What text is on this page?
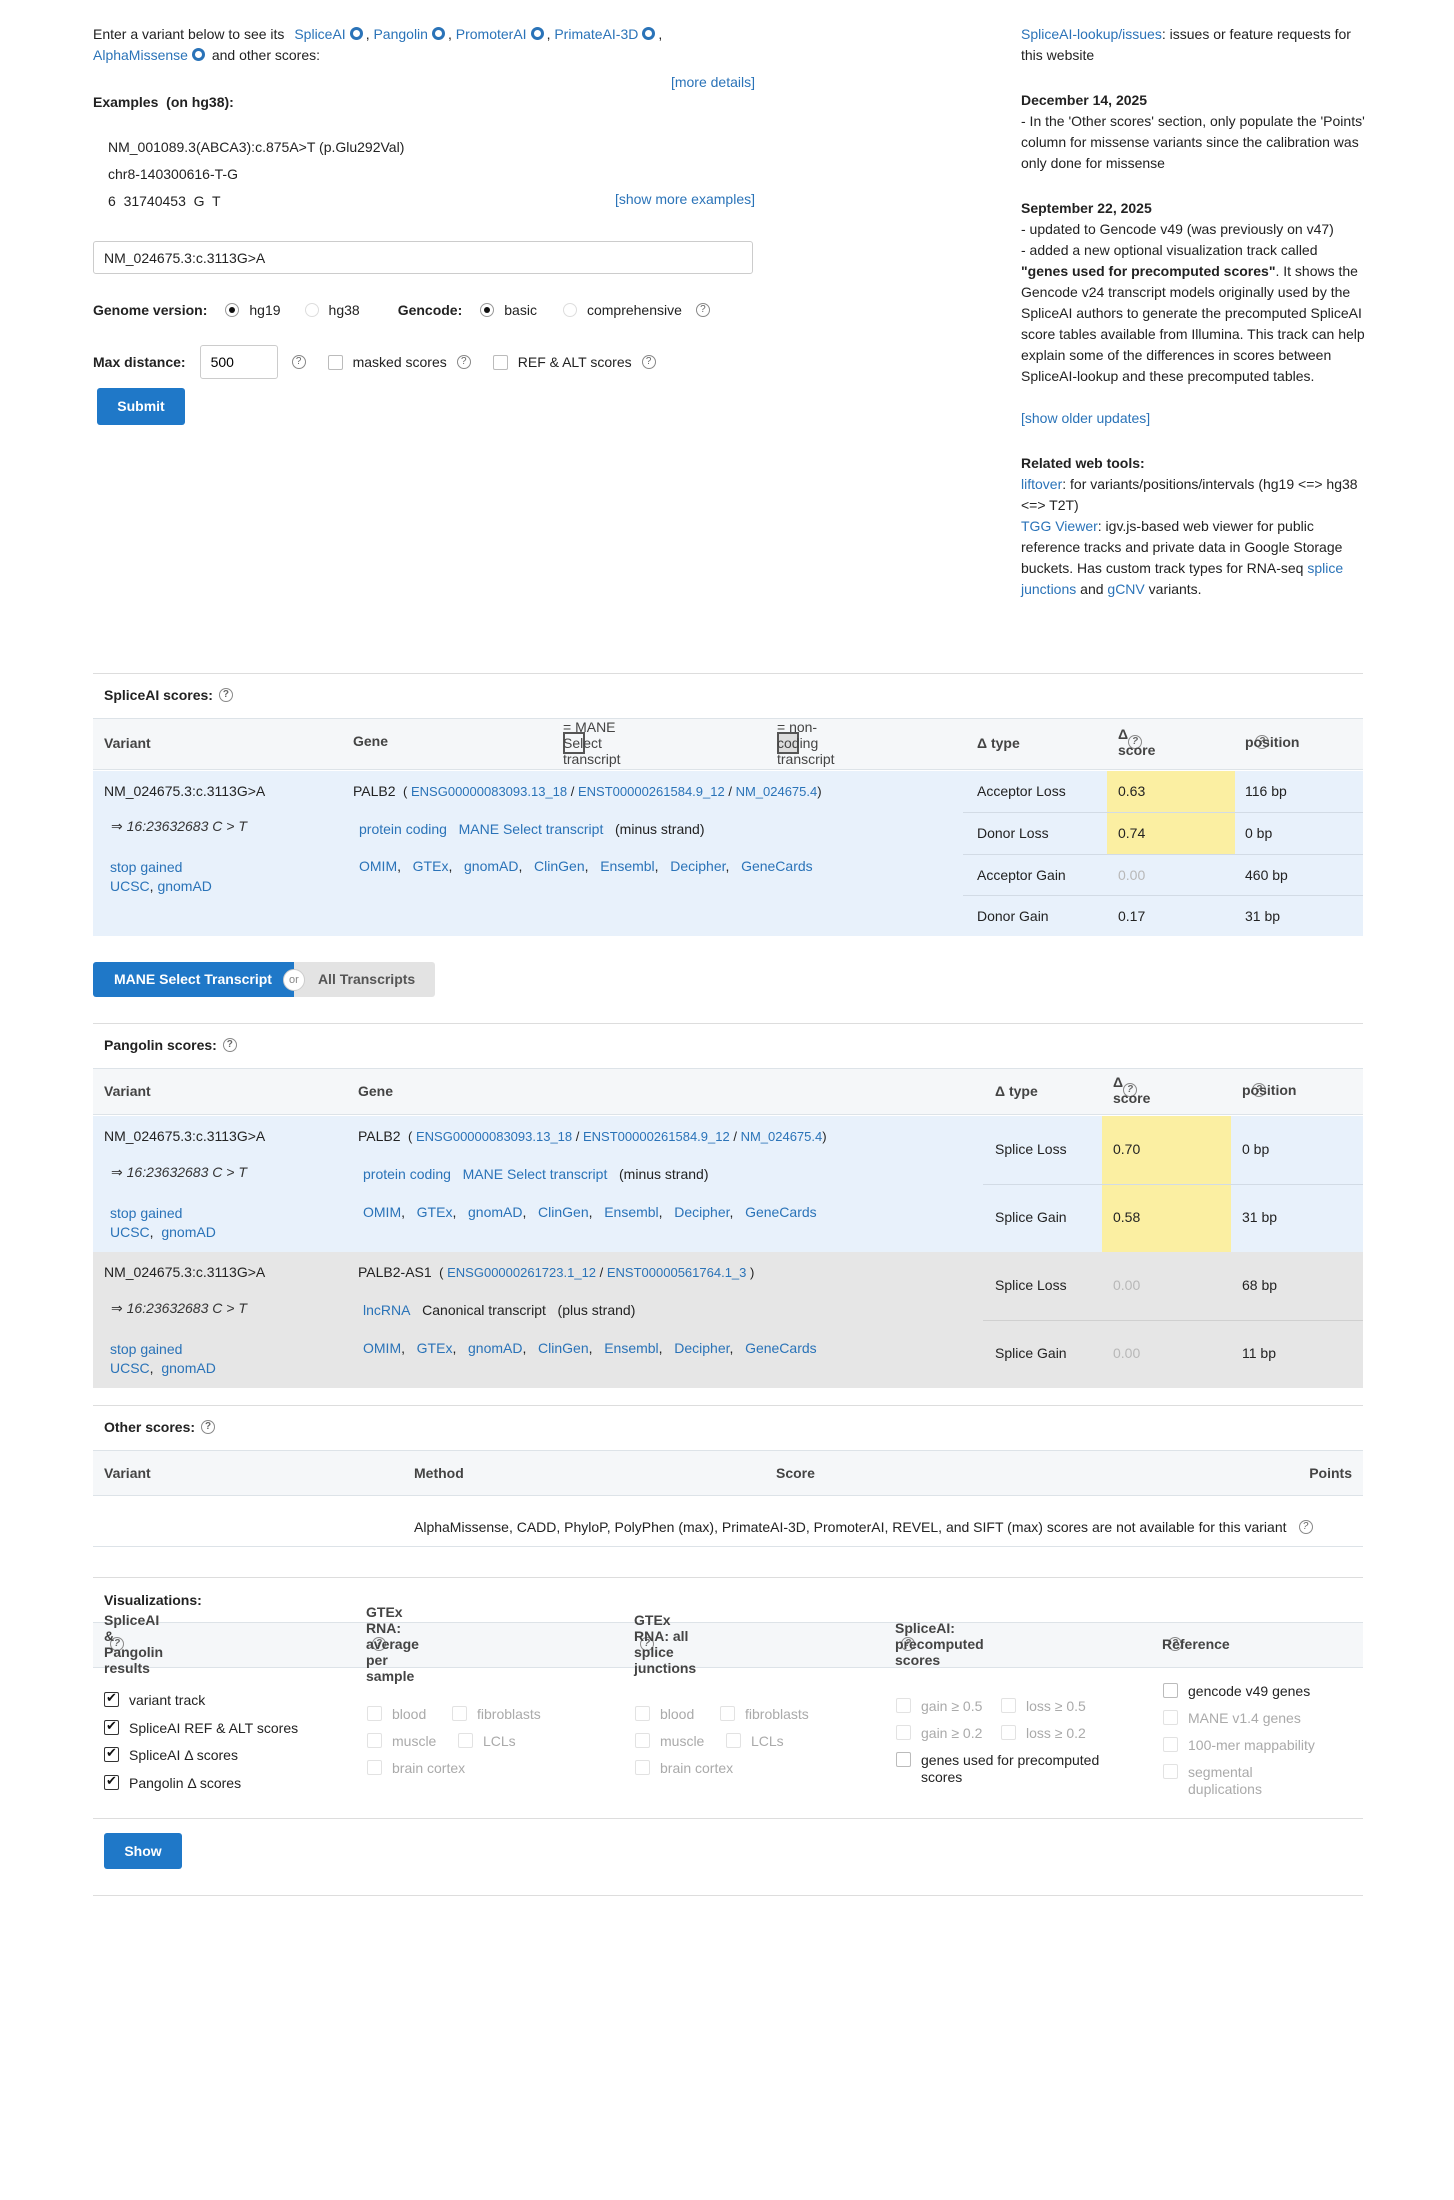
Enter a variant below to see its SpliceAI , Pangolin , PromoterAI , PrimateAI-3D ,
AlphaMissense and other scores:
[more details]
Examples (on hg38):
NM_001089.3(ABCA3):c.875A>T (p.Glu292Val)
chr8-140300616-T-G
6  31740453  G  T	[show more examples]
NM_024675.3:c.3113G>A
Genome version:	hg19	hg38	Gencode:	basic	comprehensive
?
Max distance:
500 ?	masked scores ?	REF & ALT scores
?
Submit

SpliceAI-lookup/issues: issues or feature requests for this website

December 14, 2025

- In the 'Other scores' section, only populate the 'Points' column for missense variants since the calibration was only done for missense

September 22, 2025

- updated to Gencode v49 (was previously on v47)

- added a new optional visualization track called "genes used for precomputed scores". It shows the Gencode v24 transcript models originally used by the SpliceAI authors to generate the precomputed SpliceAI score tables available from Illumina. This track can help explain some of the differences in scores between SpliceAI-lookup and these precomputed tables.

[show older updates]

Related web tools:

liftover: for variants/positions/intervals (hg19 <=> hg38 <=> T2T)

TGG Viewer: igv.js-based web viewer for public reference tracks and private data in Google Storage buckets. Has custom track types for RNA-seq splice junctions and gCNV variants.

SpliceAI scores:
?
Variant	Gene
= MANE Select transcript
= non-coding transcript
Δ type
Δ score ?	position
?
NM_024675.3:c.3113G>A
⇒ 16:23632683 C > T
stop gained
UCSC, gnomAD
PALB2  ( ENSG00000083093.13_18 / ENST00000261584.9_12 / NM_024675.4)
protein coding MANE Select transcript (minus strand)
OMIM,   GTEx,   gnomAD,   ClinGen,   Ensembl,   Decipher,   GeneCards
Acceptor Loss	0.63	116 bp
Donor Loss	0.74	0 bp
Acceptor Gain	0.00	460 bp
Donor Gain	0.17	31 bp
MANE Select Transcript	or	All Transcripts
Pangolin scores:
?
Variant	Gene	Δ type
Δ score ?	position
?
NM_024675.3:c.3113G>A
⇒ 16:23632683 C > T
stop gained
UCSC,  gnomAD
PALB2  ( ENSG00000083093.13_18 / ENST00000261584.9_12 / NM_024675.4)
protein coding MANE Select transcript (minus strand)
OMIM,   GTEx,   gnomAD,   ClinGen,   Ensembl,   Decipher,   GeneCards
Splice Loss	0.70	0 bp
Splice Gain	0.58	31 bp
NM_024675.3:c.3113G>A
⇒ 16:23632683 C > T
stop gained
UCSC,  gnomAD
PALB2-AS1  ( ENSG00000261723.1_12 / ENST00000561764.1_3 )
lncRNA Canonical transcript (plus strand)
OMIM,   GTEx,   gnomAD,   ClinGen,   Ensembl,   Decipher,   GeneCards
Splice Loss	0.00	68 bp
Splice Gain	0.00	11 bp
Other scores:
?
Variant	Method	Score	Points
AlphaMissense, CADD, PhyloP, PolyPhen (max), PrimateAI-3D, PromoterAI, REVEL, and SIFT (max) scores are not available for this variant
?
Visualizations:
SpliceAI & Pangolin results
?
GTEx RNA: average per sample
?
GTEx RNA: all splice junctions
?
SpliceAI: precomputed scores
?
Reference
?
✔
variant track
✔
SpliceAI REF & ALT scores
✔
SpliceAI Δ scores
✔
Pangolin Δ scores
blood	fibroblasts
muscle	LCLs
brain cortex
blood	fibroblasts
muscle	LCLs
brain cortex
gain ≥ 0.5	loss ≥ 0.5
gain ≥ 0.2	loss ≥ 0.2
genes used for precomputed scores
gencode v49 genes
MANE v1.4 genes
100-mer mappability
segmental duplications
Show
